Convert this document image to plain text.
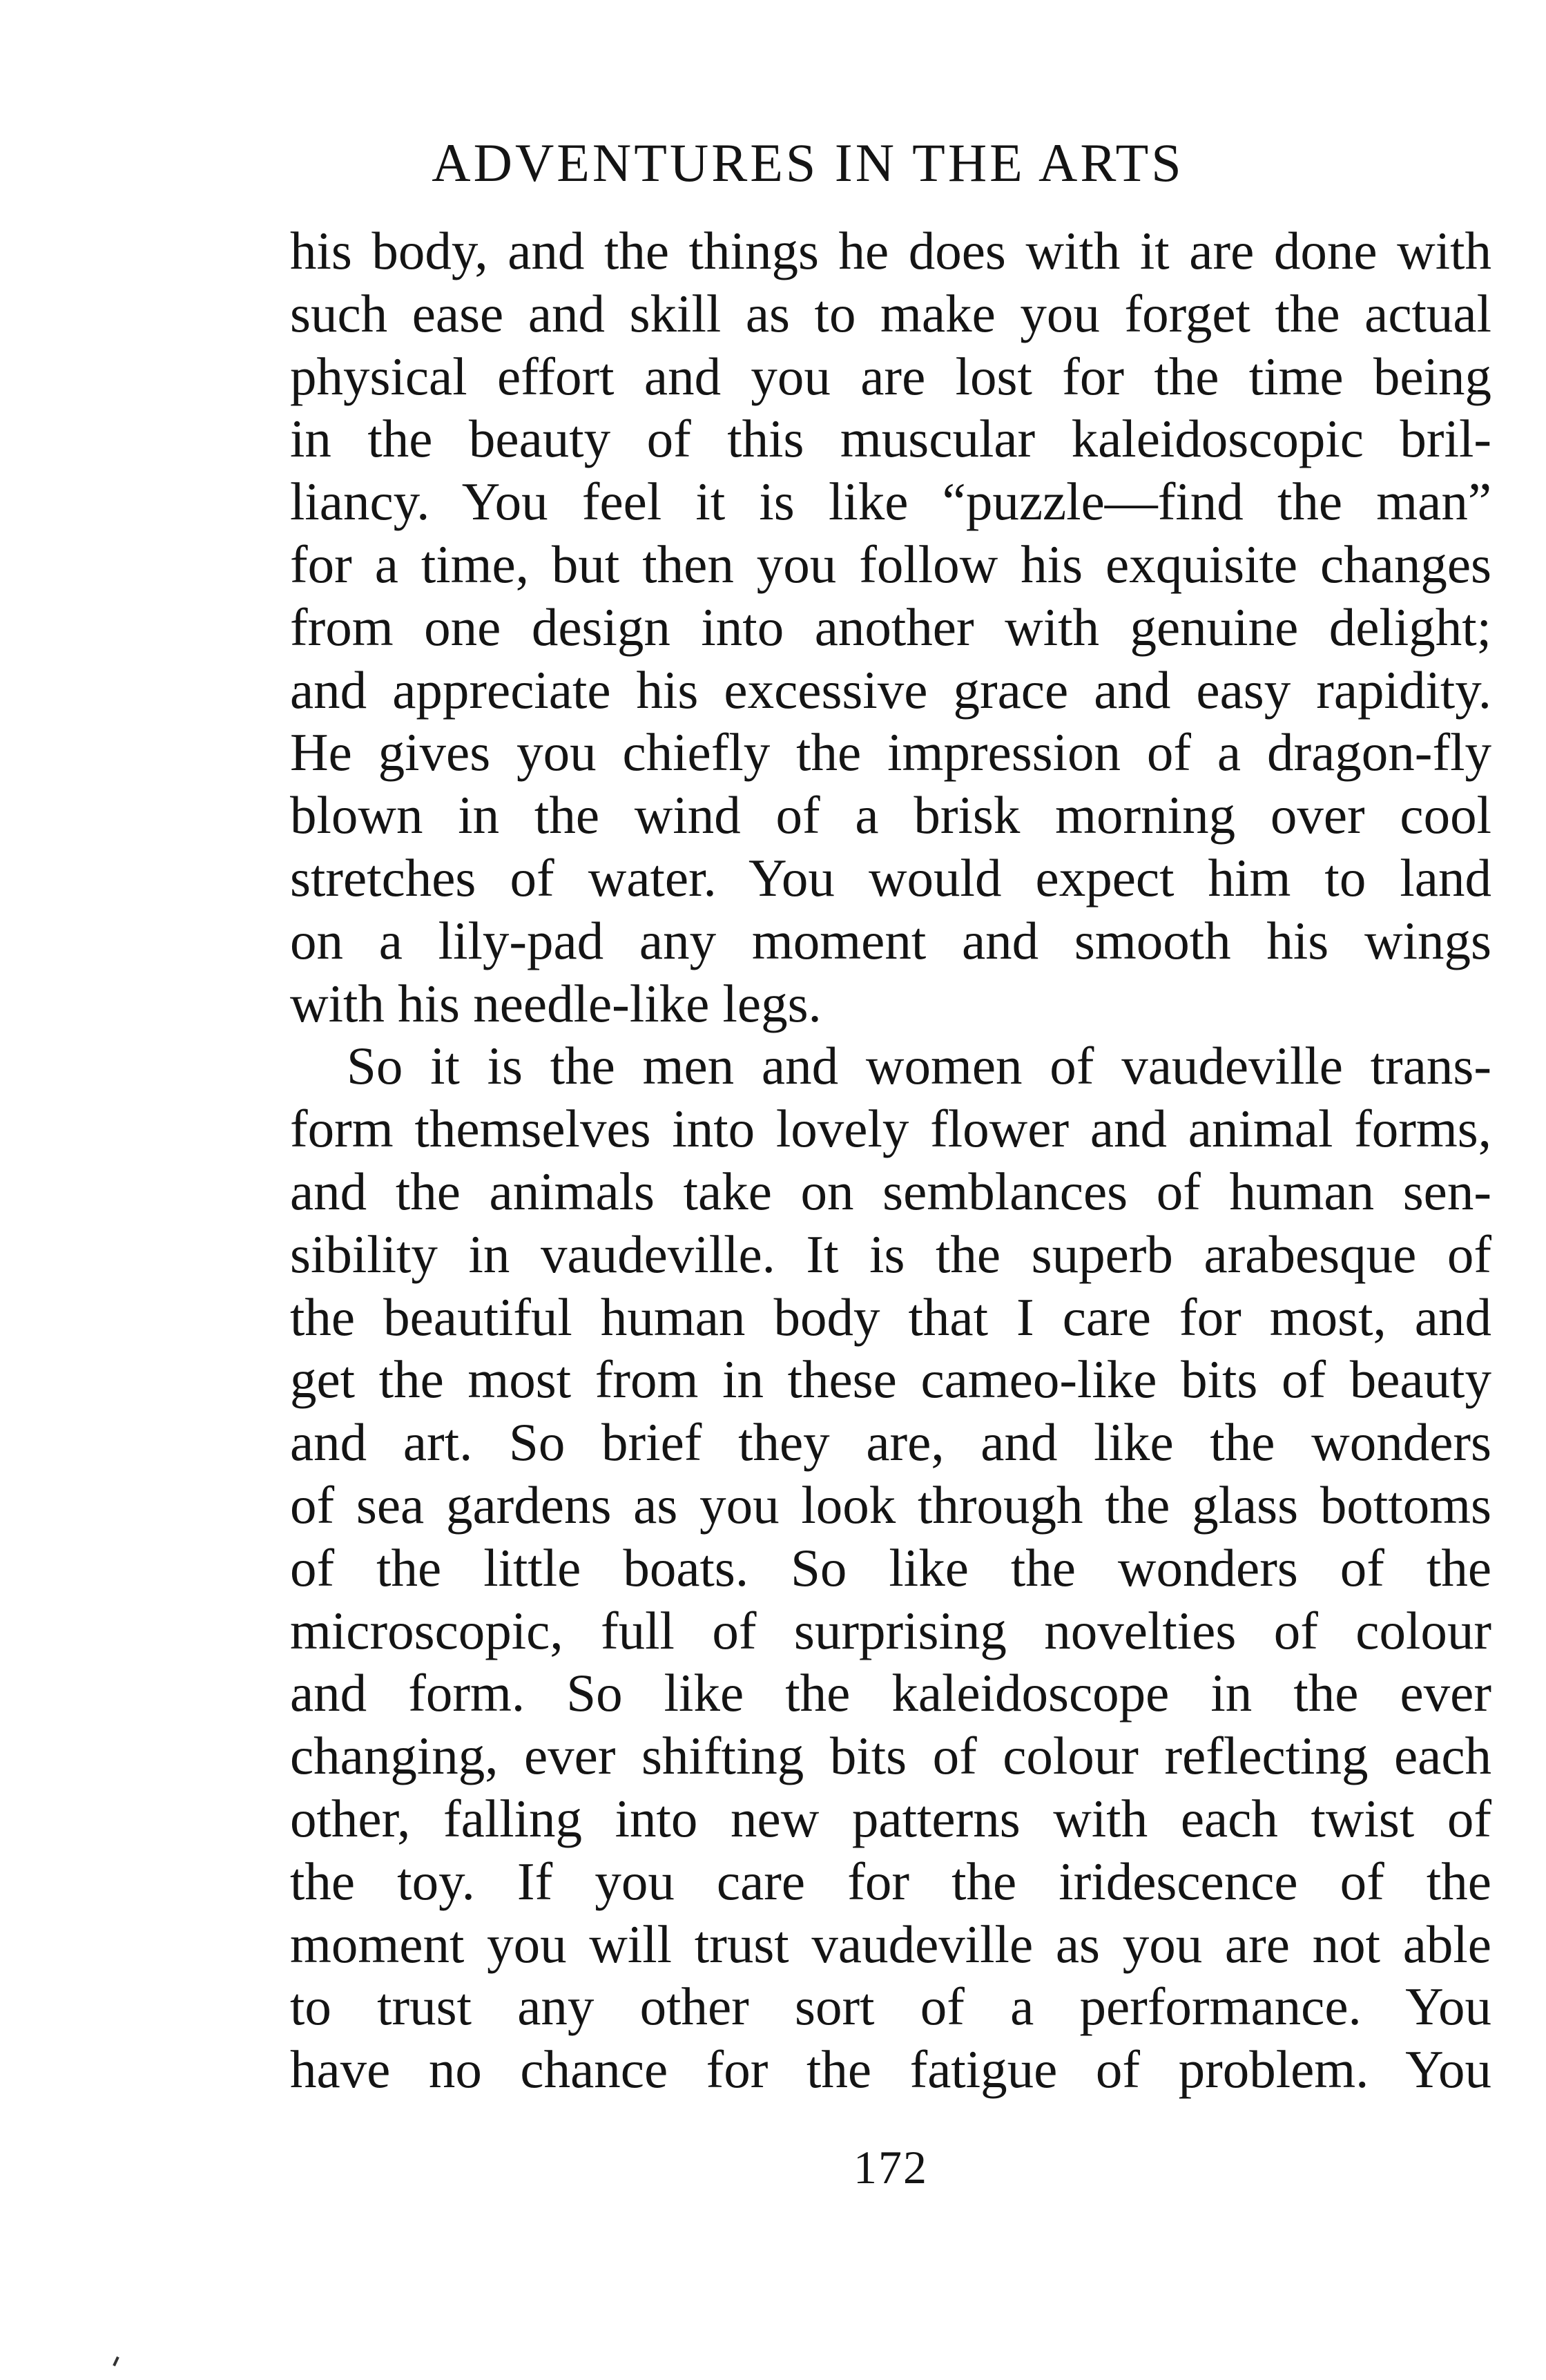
ADVENTURES IN THE ARTS
his body, and the things he does with it are done with
such ease and skill as to make you forget the actual
physical effort and you are lost for the time being
in the beauty of this muscular kaleidoscopic bril-
liancy. You feel it is like “puzzle—find the man”
for a time, but then you follow his exquisite changes
from one design into another with genuine delight;
and appreciate his excessive grace and easy rapidity.
He gives you chiefly the impression of a dragon-fly
blown in the wind of a brisk morning over cool
stretches of water. You would expect him to land
on a lily-pad any moment and smooth his wings
with his needle-like legs.
So it is the men and women of vaudeville trans-
form themselves into lovely flower and animal forms,
and the animals take on semblances of human sen-
sibility in vaudeville. It is the superb arabesque of
the beautiful human body that I care for most, and
get the most from in these cameo-like bits of beauty
and art. So brief they are, and like the wonders
of sea gardens as you look through the glass bottoms
of the little boats. So like the wonders of the
microscopic, full of surprising novelties of colour
and form. So like the kaleidoscope in the ever
changing, ever shifting bits of colour reflecting each
other, falling into new patterns with each twist of
the toy. If you care for the iridescence of the
moment you will trust vaudeville as you are not able
to trust any other sort of a performance. You
have no chance for the fatigue of problem. You
172
